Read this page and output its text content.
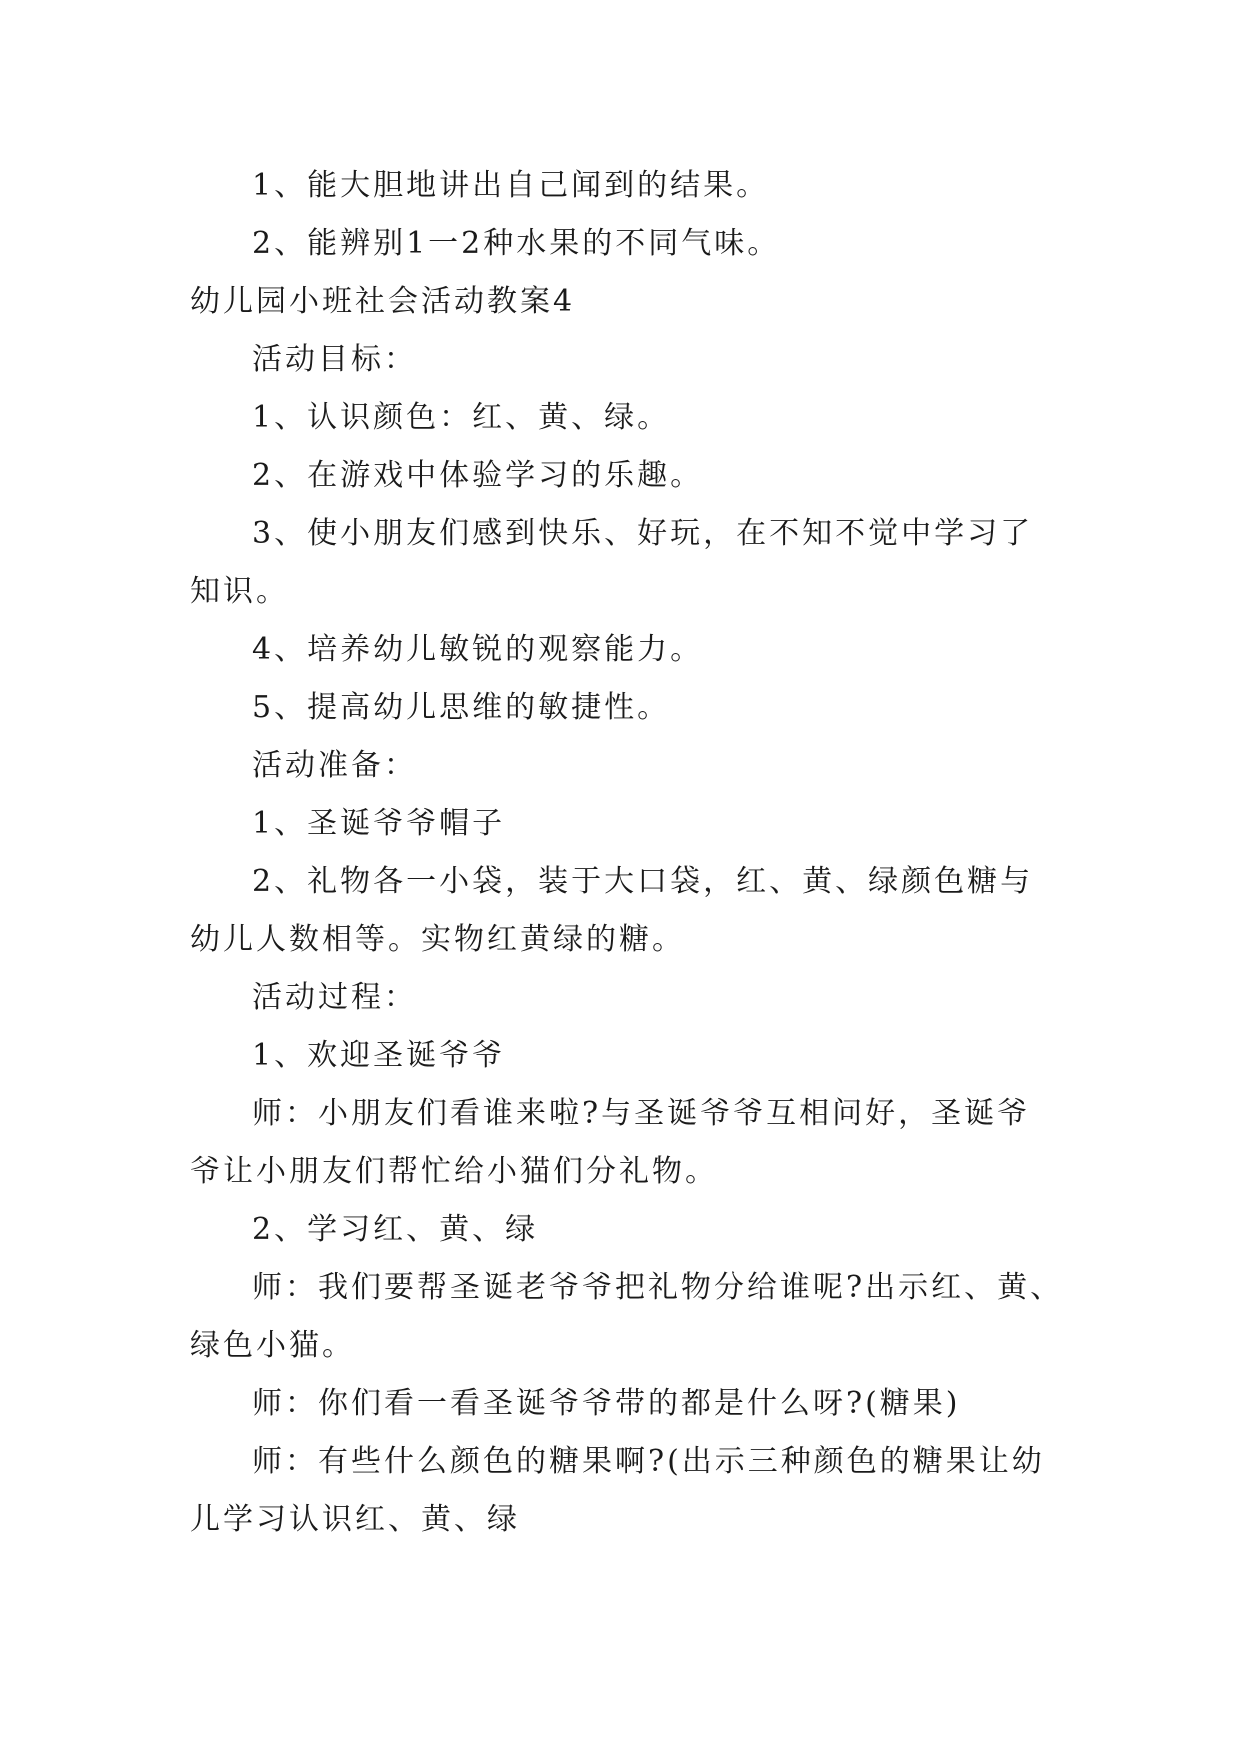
1、能大胆地讲出自己闻到的结果。
2、能辨别1一2种水果的不同气味。
幼儿园小班社会活动教案4
活动目标：
1、认识颜色：红、黄、绿。
2、在游戏中体验学习的乐趣。
3、使小朋友们感到快乐、好玩，在不知不觉中学习了
知识。
4、培养幼儿敏锐的观察能力。
5、提高幼儿思维的敏捷性。
活动准备：
1、圣诞爷爷帽子
2、礼物各一小袋，装于大口袋，红、黄、绿颜色糖与
幼儿人数相等。实物红黄绿的糖。
活动过程：
1、欢迎圣诞爷爷
师：小朋友们看谁来啦?与圣诞爷爷互相问好，圣诞爷
爷让小朋友们帮忙给小猫们分礼物。
2、学习红、黄、绿
师：我们要帮圣诞老爷爷把礼物分给谁呢?出示红、黄、
绿色小猫。
师：你们看一看圣诞爷爷带的都是什么呀?(糖果)
师：有些什么颜色的糖果啊?(出示三种颜色的糖果让幼
儿学习认识红、黄、绿
